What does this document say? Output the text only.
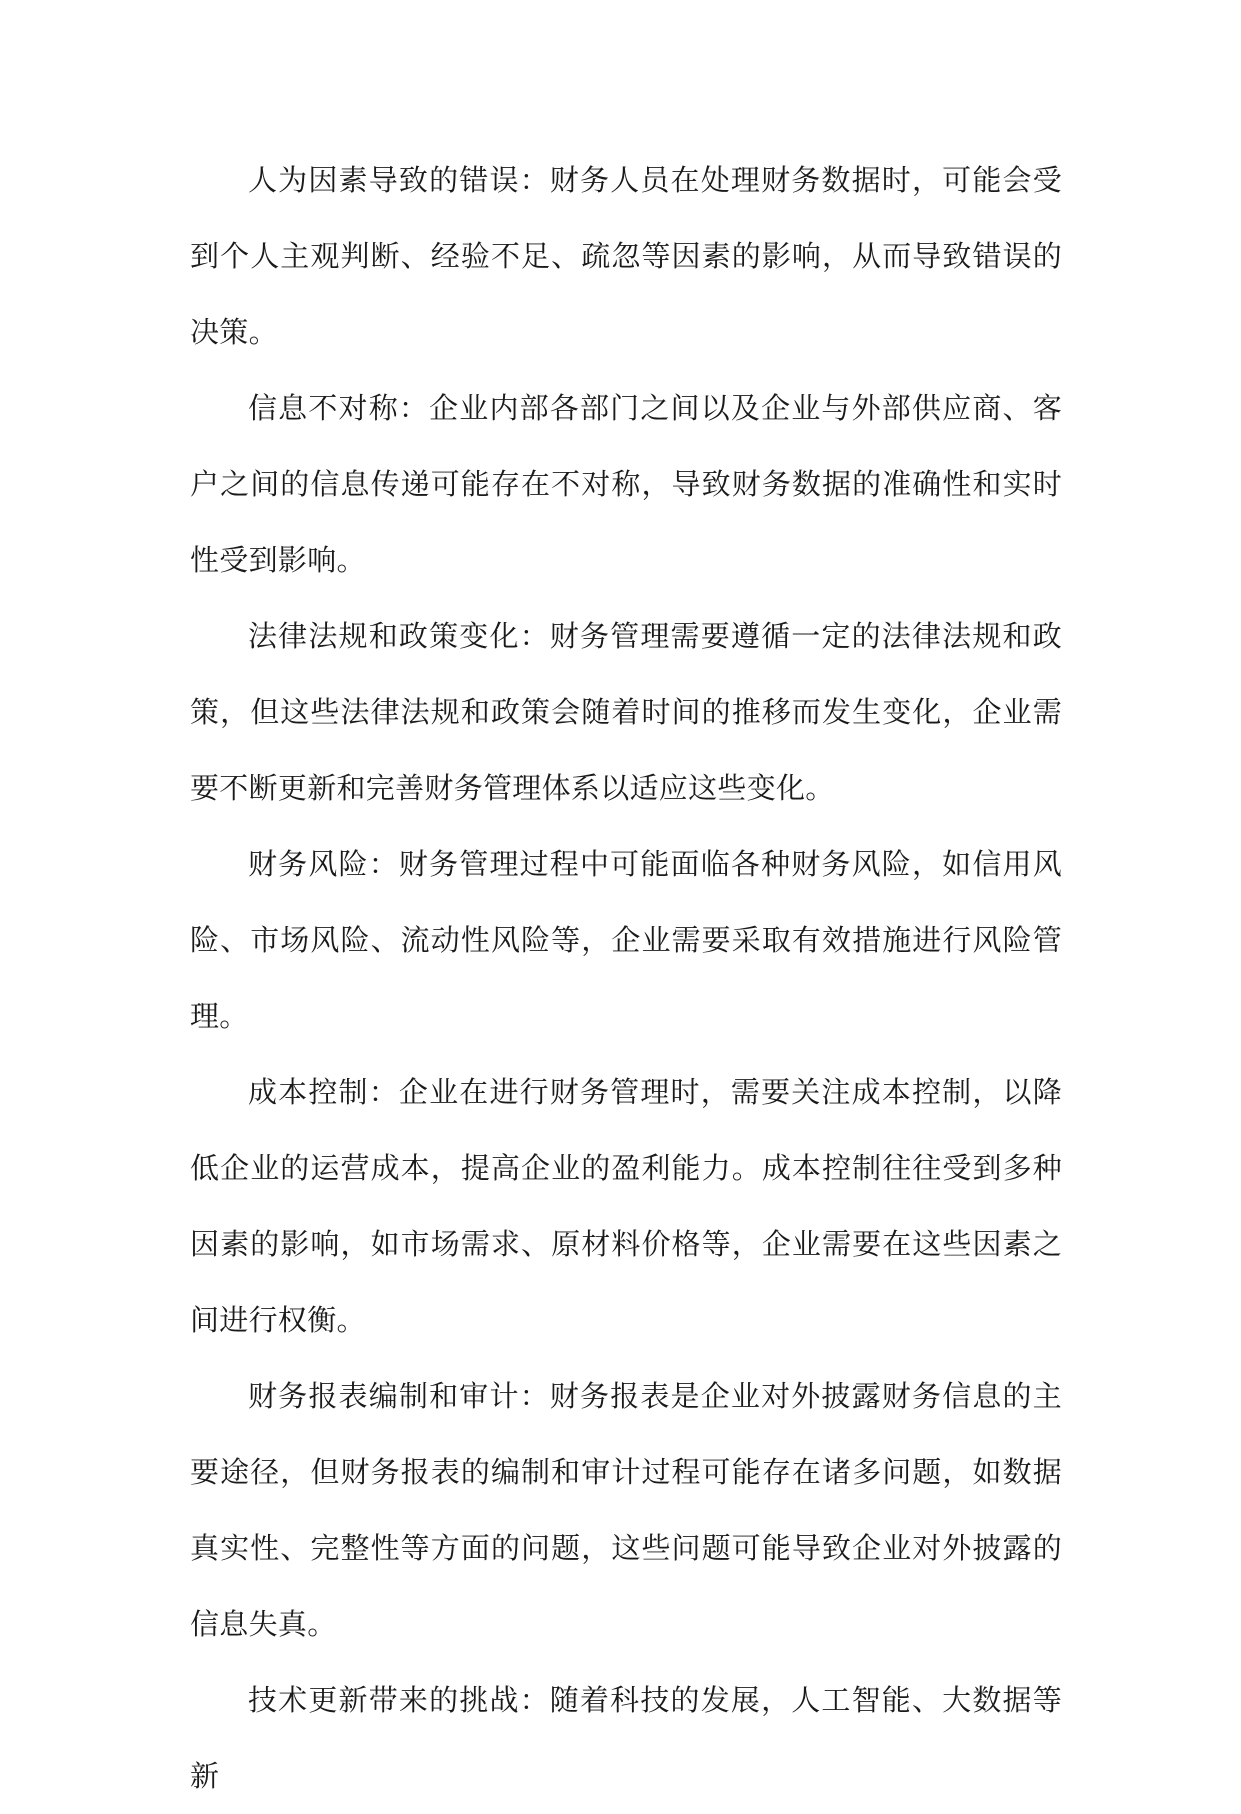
人为因素导致的错误：财务人员在处理财务数据时，可能会受到个人主观判断、经验不足、疏忽等因素的影响，从而导致错误的决策。

信息不对称：企业内部各部门之间以及企业与外部供应商、客户之间的信息传递可能存在不对称，导致财务数据的准确性和实时性受到影响。

法律法规和政策变化：财务管理需要遵循一定的法律法规和政策，但这些法律法规和政策会随着时间的推移而发生变化，企业需要不断更新和完善财务管理体系以适应这些变化。

财务风险：财务管理过程中可能面临各种财务风险，如信用风险、市场风险、流动性风险等，企业需要采取有效措施进行风险管理。

成本控制：企业在进行财务管理时，需要关注成本控制，以降低企业的运营成本，提高企业的盈利能力。成本控制往往受到多种因素的影响，如市场需求、原材料价格等，企业需要在这些因素之间进行权衡。

财务报表编制和审计：财务报表是企业对外披露财务信息的主要途径，但财务报表的编制和审计过程可能存在诸多问题，如数据真实性、完整性等方面的问题，这些问题可能导致企业对外披露的信息失真。

技术更新带来的挑战：随着科技的发展，人工智能、大数据等新
